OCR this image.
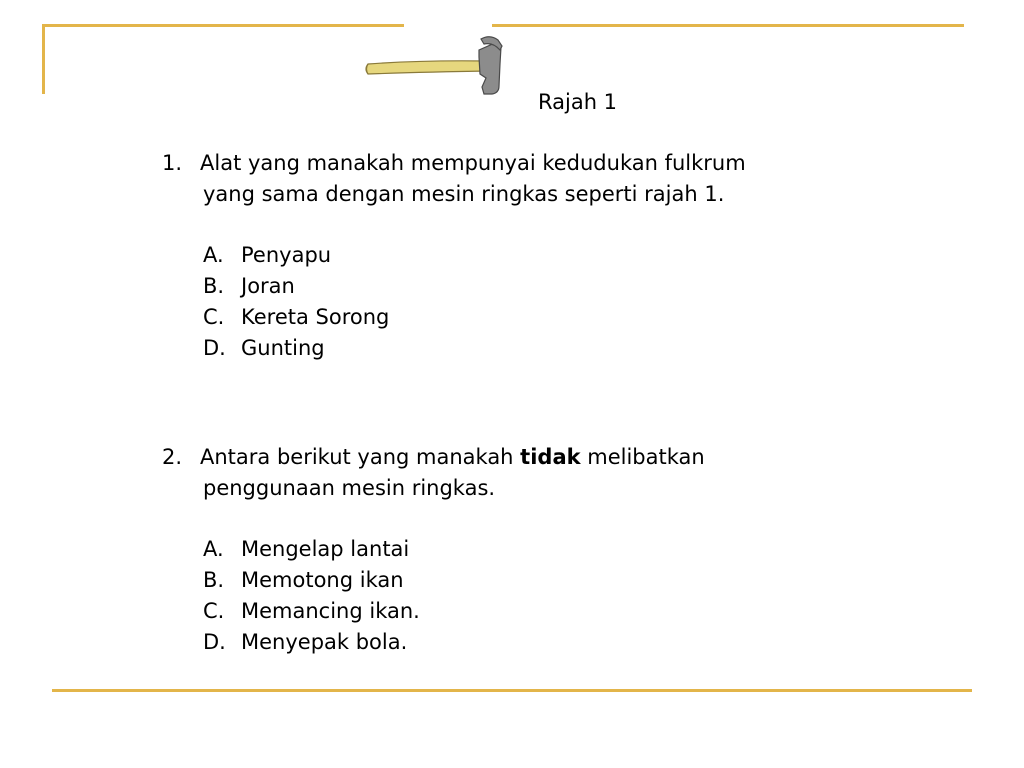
Rajah 1
1. Alat yang manakah mempunyai kedudukan fulkrum
yang sama dengan mesin ringkas seperti rajah 1.
A. Penyapu
B. Joran
C. Kereta Sorong
D. Gunting
2. Antara berikut yang manakah tidak melibatkan
penggunaan mesin ringkas.
A. Mengelap lantai
B. Memotong ikan
C. Memancing ikan.
D. Menyepak bola.
